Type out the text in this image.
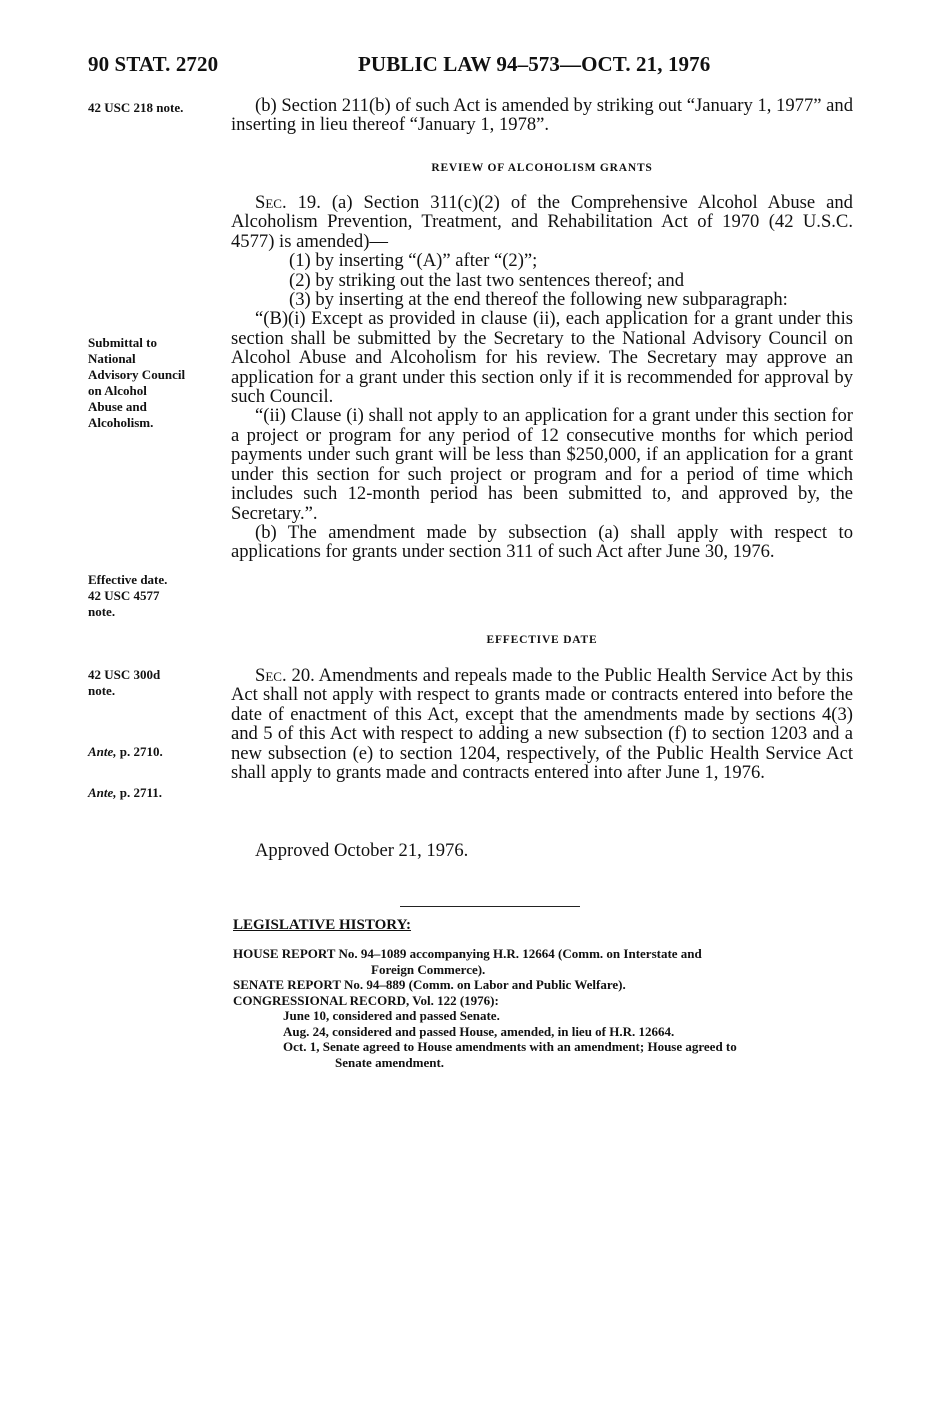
90 STAT. 2720	PUBLIC LAW 94–573—OCT. 21, 1976
42 USC 218 note.
Submittal to
National
Advisory Council
on Alcohol
Abuse and
Alcoholism.
Effective date.
42 USC 4577
note.
42 USC 300d
note.
Ante, p. 2710.
Ante, p. 2711.

(b) Section 211(b) of such Act is amended by striking out “January 1, 1977” and inserting in lieu thereof “January 1, 1978”.

REVIEW OF ALCOHOLISM GRANTS

Sec. 19. (a) Section 311(c)(2) of the Comprehensive Alcohol Abuse and Alcoholism Prevention, Treatment, and Rehabilitation Act of 1970 (42 U.S.C. 4577) is amended)—

(1) by inserting “(A)” after “(2)”;

(2) by striking out the last two sentences thereof; and

(3) by inserting at the end thereof the following new subparagraph:

“(B)(i) Except as provided in clause (ii), each application for a grant under this section shall be submitted by the Secretary to the National Advisory Council on Alcohol Abuse and Alcoholism for his review. The Secretary may approve an application for a grant under this section only if it is recommended for approval by such Council.

“(ii) Clause (i) shall not apply to an application for a grant under this section for a project or program for any period of 12 consecutive months for which period payments under such grant will be less than $250,000, if an application for a grant under this section for such project or program and for a period of time which includes such 12-month period has been submitted to, and approved by, the Secretary.”.

(b) The amendment made by subsection (a) shall apply with respect to applications for grants under section 311 of such Act after June 30, 1976.

EFFECTIVE DATE

Sec. 20. Amendments and repeals made to the Public Health Service Act by this Act shall not apply with respect to grants made or contracts entered into before the date of enactment of this Act, except that the amendments made by sections 4(3) and 5 of this Act with respect to adding a new subsection (f) to section 1203 and a new subsection (e) to section 1204, respectively, of the Public Health Service Act shall apply to grants made and contracts entered into after June 1, 1976.

Approved October 21, 1976.
LEGISLATIVE HISTORY:

HOUSE REPORT No. 94–1089 accompanying H.R. 12664 (Comm. on Interstate and

Foreign Commerce).

SENATE REPORT No. 94–889 (Comm. on Labor and Public Welfare).

CONGRESSIONAL RECORD, Vol. 122 (1976):

June 10, considered and passed Senate.

Aug. 24, considered and passed House, amended, in lieu of H.R. 12664.

Oct. 1, Senate agreed to House amendments with an amendment; House agreed to

Senate amendment.
